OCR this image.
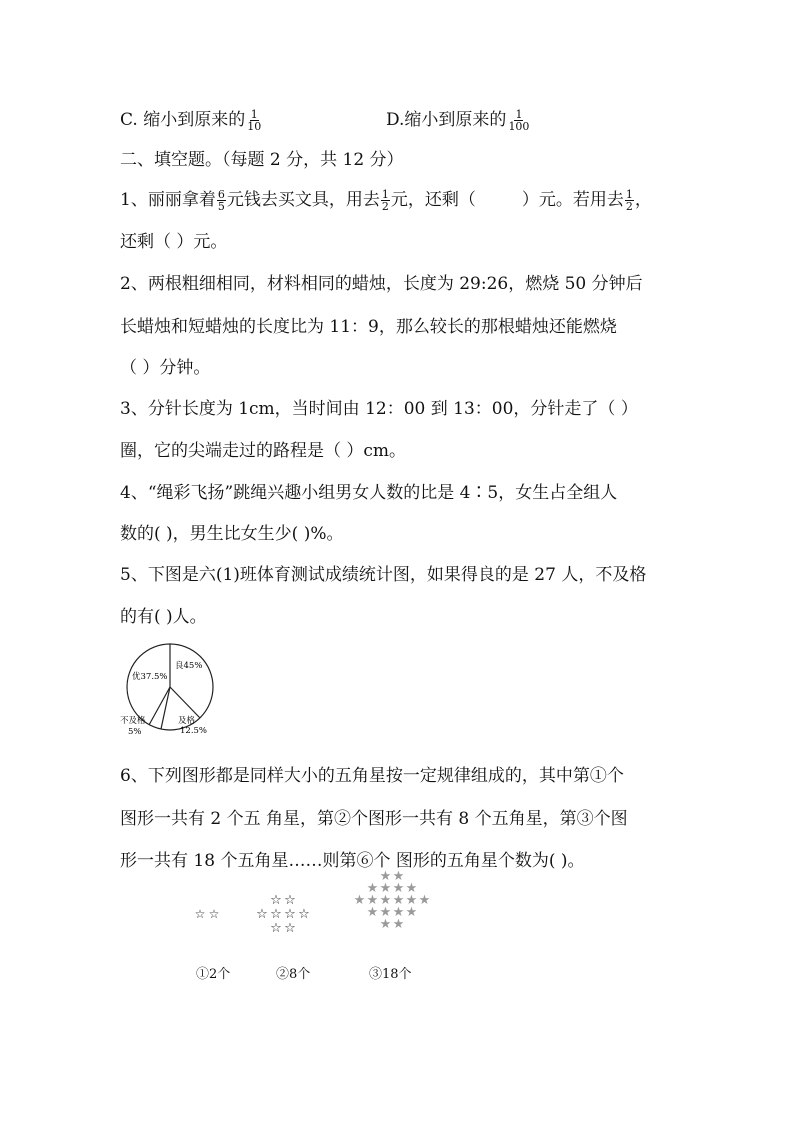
C. 缩小到原来的 $\frac{1}{10}$	D.缩小到原来的 $\frac{1}{100}$
二、填空题。（每题 2 分，共 12 分）
1、丽丽拿着 $\frac{6}{5}$ 元钱去买文具，用去 $\frac{1}{2}$ 元，还剩（	）元。若用去 $\frac{1}{2}$ ，
还剩（ ）元。
2、两根粗细相同，材料相同的蜡烛，长度为 29:26，燃烧 50 分钟后
长蜡烛和短蜡烛的长度比为 11：9，那么较长的那根蜡烛还能燃烧
（ ）分钟。
3、分针长度为 1cm，当时间由 12：00 到 13：00，分针走了（ ）
圈，它的尖端走过的路程是（ ）cm。
4、“绳彩飞扬”跳绳兴趣小组男女人数的比是 4∶5，女生占全组人
数的( )，男生比女生少( )%。
5、下图是六(1)班体育测试成绩统计图，如果得良的是 27 人，不及格
的有( )人。
良45%
优37.5%
不及格
5%
及格
12.5%
6、下列图形都是同样大小的五角星按一定规律组成的，其中第①个
图形一共有 2 个五 角星，第②个图形一共有 8 个五角星，第③个图
形一共有 18 个五角星……则第⑥个 图形的五角星个数为( )。
☆ ☆
☆ ☆
☆ ☆ ☆ ☆
☆ ☆
★★
★★★★
★★★★★★
★★★★
★★
①2个	②8个	③18个
